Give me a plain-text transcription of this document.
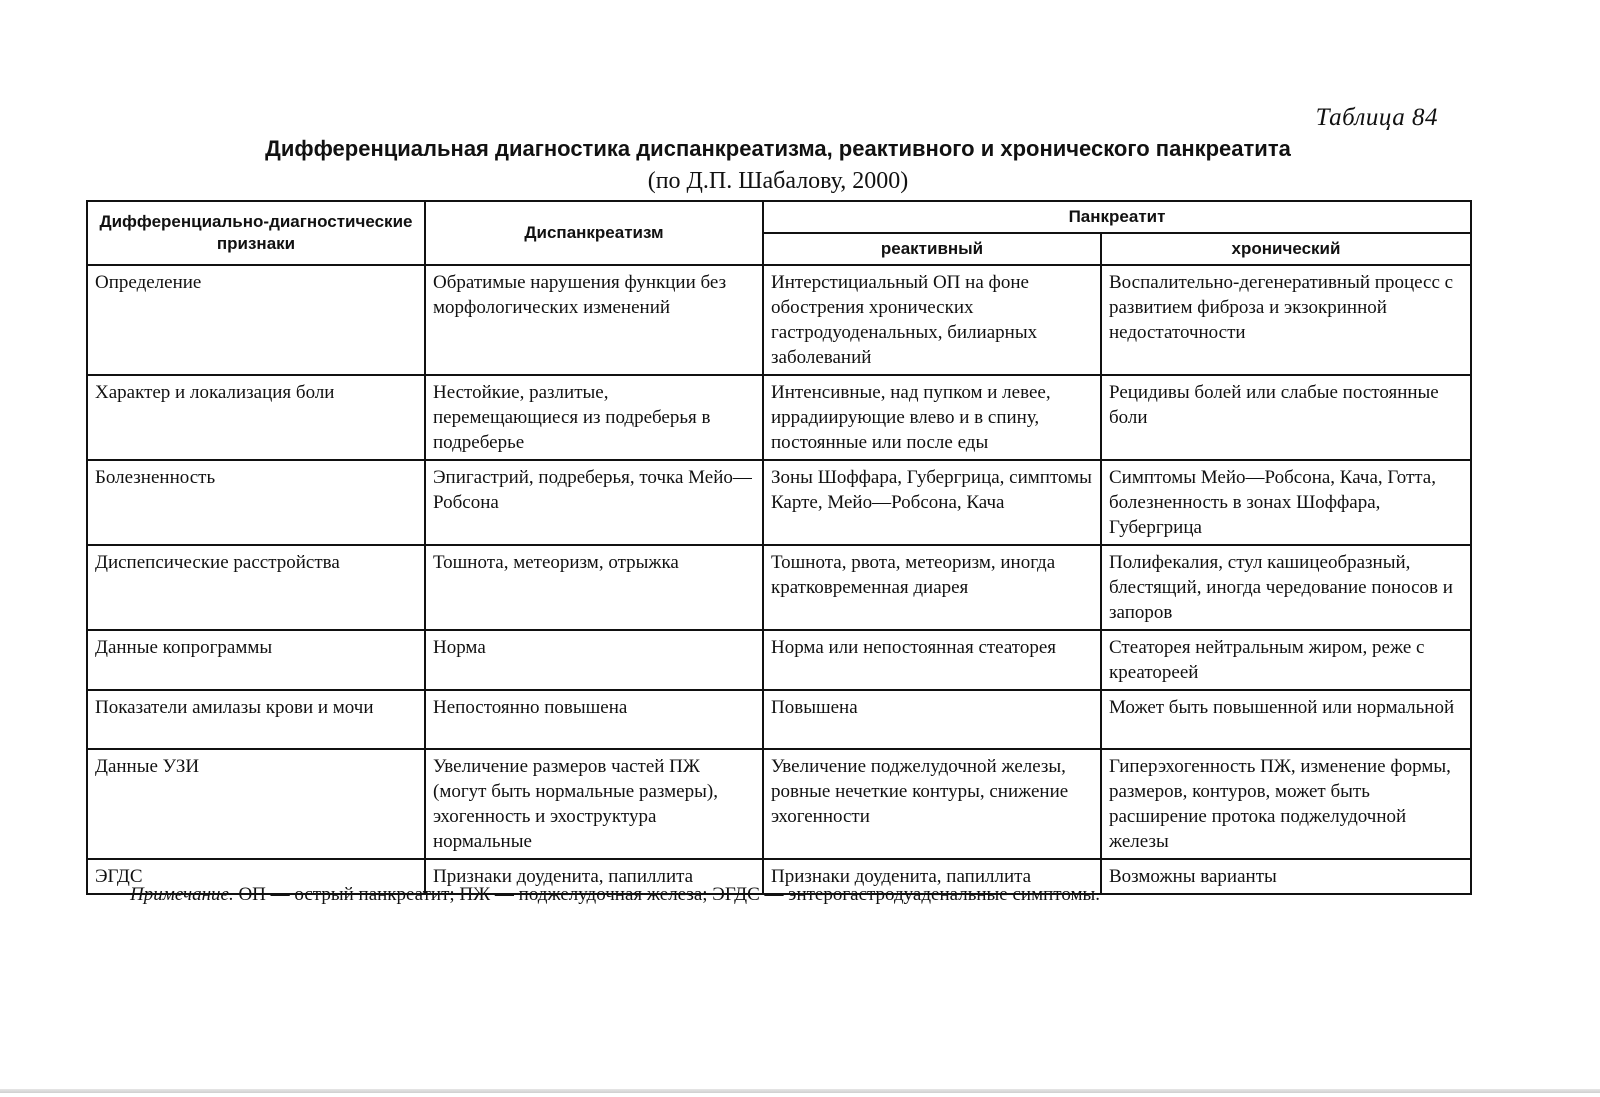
Таблица 84
Дифференциальная диагностика диспанкреатизма, реактивного и хронического панкреатита
(по Д.П. Шабалову, 2000)
Дифференциально-диагностические признаки	Диспанкреатизм	Панкреатит	
		реактивный	хронический
Определение	Обратимые нарушения функции без морфологических изменений	Интерстициальный ОП на фоне обострения хронических гастродуоденальных, билиарных заболеваний	Воспалительно-дегенеративный процесс с развитием фиброза и экзокринной недостаточности
Характер и локализация боли	Нестойкие, разлитые, перемещающиеся из подреберья в подреберье	Интенсивные, над пупком и левее, иррадиирующие влево и в спину, постоянные или после еды	Рецидивы болей или слабые постоянные боли
Болезненность	Эпигастрий, подреберья, точка Мейо—Робсона	Зоны Шоффара, Губергрица, симптомы Карте, Мейо—Робсона, Кача	Симптомы Мейо—Робсона, Кача, Готта, болезненность в зонах Шоффара, Губергрица
Диспепсические расстройства	Тошнота, метеоризм, отрыжка	Тошнота, рвота, метеоризм, иногда кратковременная диарея	Полифекалия, стул кашицеобразный, блестящий, иногда чередование поносов и запоров
Данные копрограммы	Норма	Норма или непостоянная стеаторея	Стеаторея нейтральным жиром, реже с креатореей
Показатели амилазы крови и мочи	Непостоянно повышена	Повышена	Может быть повышенной или нормальной
Данные УЗИ	Увеличение размеров частей ПЖ (могут быть нормальные размеры), эхогенность и эхоструктура нормальные	Увеличение поджелудочной железы, ровные нечеткие контуры, снижение эхогенности	Гиперэхогенность ПЖ, изменение формы, размеров, контуров, может быть расширение протока поджелудочной железы
ЭГДС	Признаки доуденита, папиллита	Признаки доуденита, папиллита	Возможны варианты
Примечание. ОП — острый панкреатит; ПЖ — поджелудочная железа; ЭГДС — энтерогастродуаденальные симптомы.
